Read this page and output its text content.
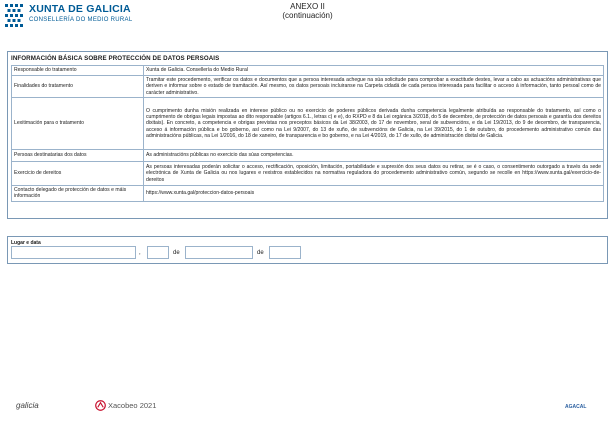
XUNTA DE GALICIA
CONSELLERÍA DO MEDIO RURAL
ANEXO II
(continuación)
INFORMACIÓN BÁSICA SOBRE PROTECCIÓN DE DATOS PERSOAIS
Responsable do tratamento	Xunta de Galicia. Consellería do Medio Rural
Finalidades do tratamento	Tramitar este procedemento, verificar os datos e documentos que a persoa interesada achegue na súa solicitude para comprobar a exactitude destes, levar a cabo as actuacións administrativas que deriven e informar sobre o estado de tramitación. Así mesmo, os datos persoais incluiranse na Carpeta cidadá de cada persoa interesada para facilitar o acceso á información, tanto persoal como de carácter administrativo.
Lexitimación para o tratamento	O cumprimento dunha misión realizada en interese público ou no exercicio de poderes públicos derivada dunha competencia legalmente atribuída ao responsable do tratamento, así como o cumprimento de obrigas legais impostas ao dito responsable (artigos 6.1., letras c) e e), do RXPD e 8 da Lei orgánica 3/2018, do 5 de decembro, de protección de datos persoais e garantía dos dereitos dixitais). En concreto, a competencia e obrigas previstas nos preceptos básicos da Lei 38/2003, do 17 de novembro, xeral de subvencións, e da Lei 19/2013, do 9 de decembro, de transparencia, acceso á información pública e bo goberno, así como na Lei 9/2007, do 13 de xuño, de subvencións de Galicia, na Lei 39/2015, do 1 de outubro, do procedemento administrativo común das administracións públicas, na Lei 1/2016, do 18 de xaneiro, de transparencia e bo goberno, e na Lei 4/2019, do 17 de xullo, de administración dixital de Galicia.
Persoas destinatarias dos datos	As administracións públicas no exercicio das súas competencias.
Exercicio de dereitos	As persoas interesadas poderán solicitar o acceso, rectificación, oposición, limitación, portabilidade e supresión dos seus datos ou retirar, se é o caso, o consentimento outorgado a través da sede electrónica de Xunta de Galicia ou nos lugares e rexistros establecidos na normativa reguladora do procedemento administrativo común, segundo se recolle en https://www.xunta.gal/exercicio-de-dereitos
Contacto delegado de protección de datos e máis información	https://www.xunta.gal/proteccion-datos-persoais
Lugar e data
,	de	de
galicia	Xacobeo 2021	AGACAL
